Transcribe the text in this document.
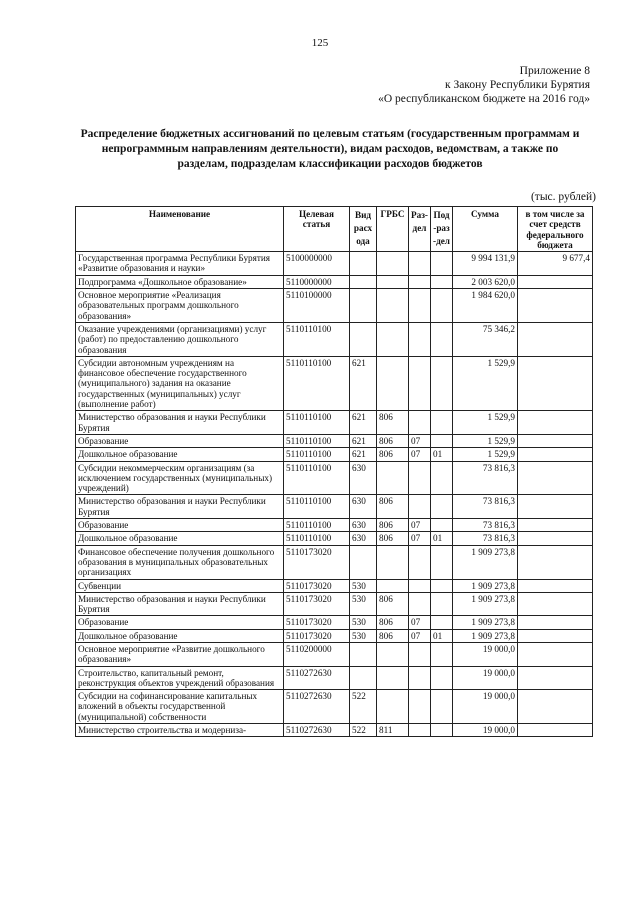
125
Приложение 8
к Закону Республики Бурятия
«О республиканском бюджете на 2016 год»
Распределение бюджетных ассигнований по целевым статьям (государственным программам и непрограммным направлениям деятельности), видам расходов, ведомствам, а также по разделам, подразделам классификации расходов бюджетов
(тыс. рублей)
Наименование	Целевая статья	Вид расхода	ГРБС	Раз-дел	Под-раз-дел	Сумма	в том числе за счет средств федерального бюджета
Государственная программа Республики Бурятия «Развитие образования и науки»	5100000000					9 994 131,9	9 677,4
Подпрограмма «Дошкольное образование»	5110000000					2 003 620,0	
Основное мероприятие «Реализация образовательных программ дошкольного образования»	5110100000					1 984 620,0	
Оказание учреждениями (организациями) услуг (работ) по предоставлению дошкольного образования	5110110100					75 346,2	
Субсидии автономным учреждениям на финансовое обеспечение государственного (муниципального) задания на оказание государственных (муниципальных) услуг (выполнение работ)	5110110100	621				1 529,9	
Министерство образования и науки Республики Бурятия	5110110100	621	806			1 529,9	
Образование	5110110100	621	806	07		1 529,9	
Дошкольное образование	5110110100	621	806	07	01	1 529,9	
Субсидии некоммерческим организациям (за исключением государственных (муниципальных) учреждений)	5110110100	630				73 816,3	
Министерство образования и науки Республики Бурятия	5110110100	630	806			73 816,3	
Образование	5110110100	630	806	07		73 816,3	
Дошкольное образование	5110110100	630	806	07	01	73 816,3	
Финансовое обеспечение получения дошкольного образования в муниципальных образовательных организациях	5110173020					1 909 273,8	
Субвенции	5110173020	530				1 909 273,8	
Министерство образования и науки Республики Бурятия	5110173020	530	806			1 909 273,8	
Образование	5110173020	530	806	07		1 909 273,8	
Дошкольное образование	5110173020	530	806	07	01	1 909 273,8	
Основное мероприятие «Развитие дошкольного образования»	5110200000					19 000,0	
Строительство, капитальный ремонт, реконструкция объектов учреждений образования	5110272630					19 000,0	
Субсидии на софинансирование капитальных вложений в объекты государственной (муниципальной) собственности	5110272630	522				19 000,0	
Министерство строительства и модерниза-	5110272630	522	811			19 000,0	
